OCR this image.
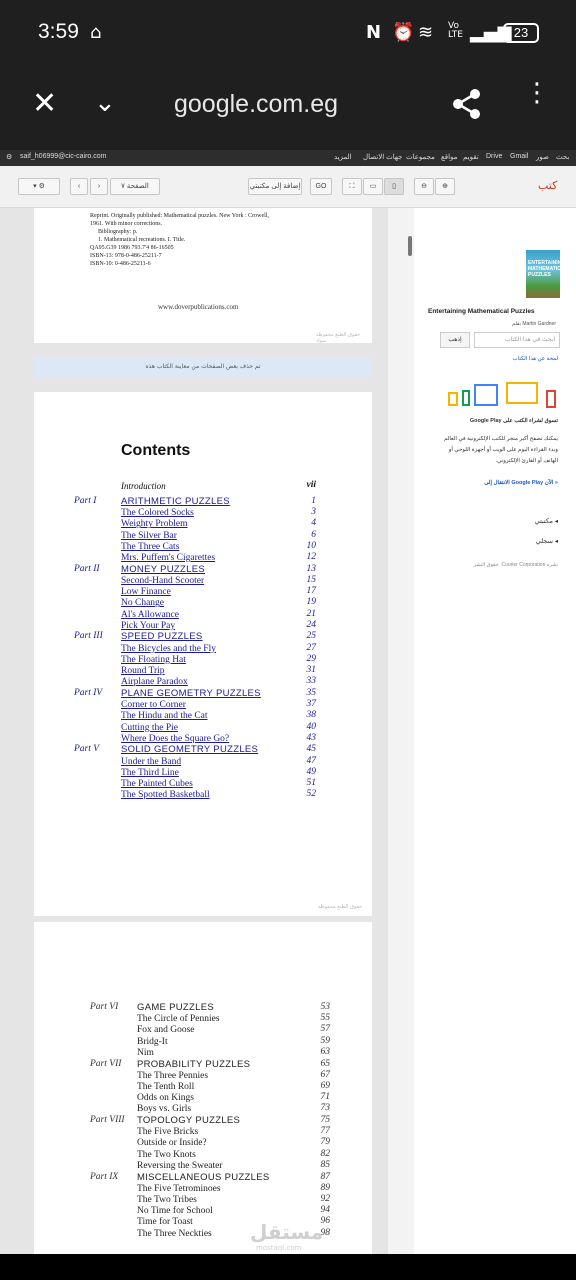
3:59 ⌂	N ⏰ ≋ Vo LTE ▂▄▆ 23
✕ ⌄ google.com.eg	⋮
⚙ saif_h06999@cic-cairo.com	المزيد جهات الاتصال مجموعات مواقع تقويم Drive Gmail صور بحث
▾ ⚙	‹	›	الصفحة ٧	إضافة إلى مكتبتي	GO	⛶	▭	▯	⊖	⊕	كتب
Reprint. Originally published: Mathematical puzzles. New York : Crowell,
1961. With minor corrections.
Bibliography: p.
1. Mathematical recreations. I. Title.
QA95.G39 1986 793.7'4 86-16505
ISBN-13: 978-0-486-25211-7
ISBN-10: 0-486-25211-6
www.doverpublications.com
حقوق الطبع محفوظة بمواد
تم حذف بعض الصفحات من معاينة الكتاب هذه
Contents
Introduction	vii
Part I	ARITHMETIC PUZZLES	1
The Colored Socks	3
Weighty Problem	4
The Silver Bar	6
The Three Cats	10
Mrs. Puffem's Cigarettes	12
Part II MONEY PUZZLES	13
Second-Hand Scooter	15
Low Finance	17
No Change	19
Al's Allowance	21
Pick Your Pay	24
Part III SPEED PUZZLES	25
The Bicycles and the Fly	27
The Floating Hat	29
Round Trip	31
Airplane Paradox	33
Part IV PLANE GEOMETRY PUZZLES	35
Corner to Corner	37
The Hindu and the Cat	38
Cutting the Pie	40
Where Does the Square Go?	43
Part V SOLID GEOMETRY PUZZLES	45
Under the Band	47
The Third Line	49
The Painted Cubes	51
The Spotted Basketball	52
حقوق الطبع محفوظة
Part VI GAME PUZZLES	53
The Circle of Pennies	55
Fox and Goose	57
Bridg-It	59
Nim	63
Part VII PROBABILITY PUZZLES	65
The Three Pennies	67
The Tenth Roll	69
Odds on Kings	71
Boys vs. Girls	73
Part VIII TOPOLOGY PUZZLES	75
The Five Bricks	77
Outside or Inside?	79
The Two Knots	82
Reversing the Sweater	85
Part IX MISCELLANEOUS PUZZLES	87
The Five Tetrominoes	89
The Two Tribes	92
No Time for School	94
Time for Toast	96
The Three Neckties	98
مستقل
mostaql.com
ENTERTAINING MATHEMATICAL PUZZLES
Entertaining Mathematical Puzzles
بقلم Martin Gardner
إذهب	ابحث في هذا الكتاب
لمحة عن هذا الكتاب
تسوق لشراء الكتب على Google Play
يمكنك تصفح أكبر متجر للكتب الإلكترونية في العالم وبدء القراءة اليوم على الويب أو أجهزة اللوحي أو الهاتف أو القارئ الإلكتروني.
الانتقال إلى Google Play الآن »
◂ مكتبتي
◂ سجلي
نشره Courier Corporation. حقوق النشر
